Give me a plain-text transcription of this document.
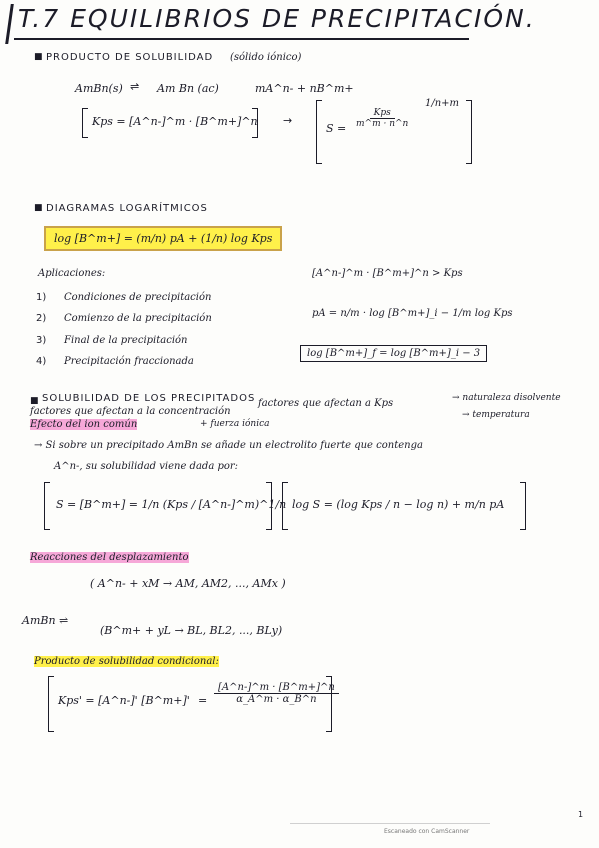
T.7 EQUILIBRIOS DE PRECIPITACIÓN.
■ PRODUCTO DE SOLUBILIDAD (sólido iónico)
AmBn(s) ⇌ Am Bn (ac)	mA^n- + nB^m+
Kps = [A^n-]^m · [B^m+]^n →
$S = \frac{\text{Kps}}{m\^{}m \cdot n\^{}n}$
1/n+m
■ DIAGRAMAS LOGARÍTMICOS
log [B^m+] = (m/n) pA + (1/n) log Kps
Aplicaciones:
1) Condiciones de precipitación
2) Comienzo de la precipitación
3) Final de la precipitación
4) Precipitación fraccionada
[A^n-]^m · [B^m+]^n > Kps
pA = n/m · log [B^m+]_i − 1/m log Kps
log [B^m+]_f = log [B^m+]_i − 3
■ SOLUBILIDAD DE LOS PRECIPITADOS
factores que afectan a la concentración
factores que afectan a Kps	→ naturaleza disolvente
→ temperatura
Efecto del ion común	+ fuerza iónica
→ Si sobre un precipitado AmBn se añade un electrolito fuerte que contenga
A^n-, su solubilidad viene dada por:
S = [B^m+] = 1/n (Kps / [A^n-]^m)^1/n log S = (log Kps / n − log n) + m/n pA
Reacciones del desplazamiento
( A^n- + xM → AM, AM2, ..., AMx )
AmBn ⇌
(B^m+ + yL → BL, BL2, ..., BLy)
Producto de solubilidad condicional:
Kps' = [A^n-]' [B^m+]' = $\frac{[A\^{}n-]\^{}m \cdot [B\^{}m+]\^{}n}{\alpha\_A\^{}m \cdot \alpha\_B\^{}n}$
1
Escaneado con CamScanner
